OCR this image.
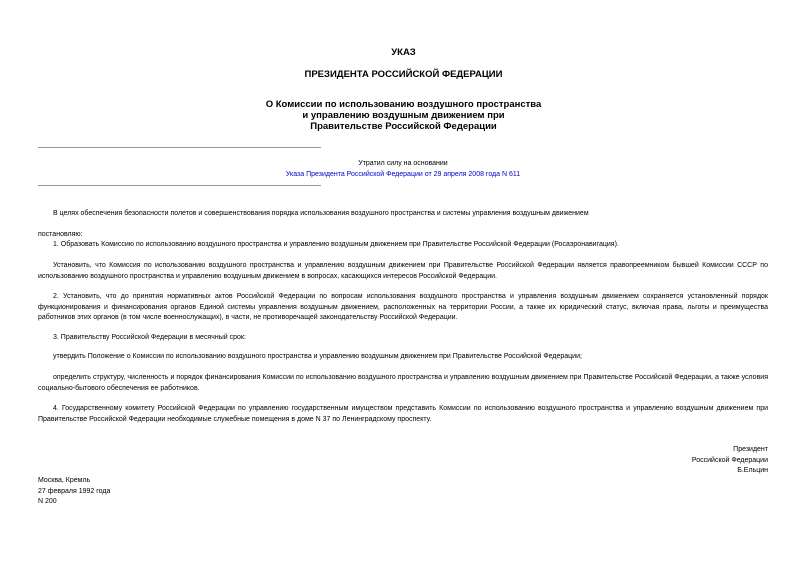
УКАЗ
ПРЕЗИДЕНТА РОССИЙСКОЙ ФЕДЕРАЦИИ
О Комиссии по использованию воздушного пространства
и управлению воздушным движением при
Правительстве Российской Федерации
Утратил силу на основании
Указа Президента Российской Федерации от 29 апреля 2008 года N 611

В целях обеспечения безопасности полетов и совершенствования порядка использования воздушного пространства и системы управления воздушным движением

постановляю:

1. Образовать Комиссию по использованию воздушного пространства и управлению воздушным движением при Правительстве Российской Федерации (Росаэронавигация).

Установить, что Комиссия по использованию воздушного пространства и управлению воздушным движением при Правительстве Российской Федерации является правопреемником бывшей Комиссии СССР по использованию воздушного пространства и управлению воздушным движением в вопросах, касающихся интересов Российской Федерации.

2. Установить, что до принятия нормативных актов Российской Федерации по вопросам использования воздушного пространства и управления воздушным движением сохраняется установленный порядок функционирования и финансирования органов Единой системы управления воздушным движением, расположенных на территории России, а также их юридический статус, включая права, льготы и преимущества работников этих органов (в том числе военнослужащих), в части, не противоречащей законодательству Российской Федерации.

3. Правительству Российской Федерации в месячный срок:

утвердить Положение о Комиссии по использованию воздушного пространства и управлению воздушным движением при Правительстве Российской Федерации;

определить структуру, численность и порядок финансирования Комиссии по использованию воздушного пространства и управлению воздушным движением при Правительстве Российской Федерации, а также условия социально-бытового обеспечения ее работников.

4. Государственному комитету Российской Федерации по управлению государственным имуществом представить Комиссии по использованию воздушного пространства и управлению воздушным движением при Правительстве Российской Федерации необходимые служебные помещения в доме N 37 по Ленинградскому проспекту.

Президент
Российской Федерации
Б.Ельцин
Москва, Кремль
27 февраля 1992 года
N 200
